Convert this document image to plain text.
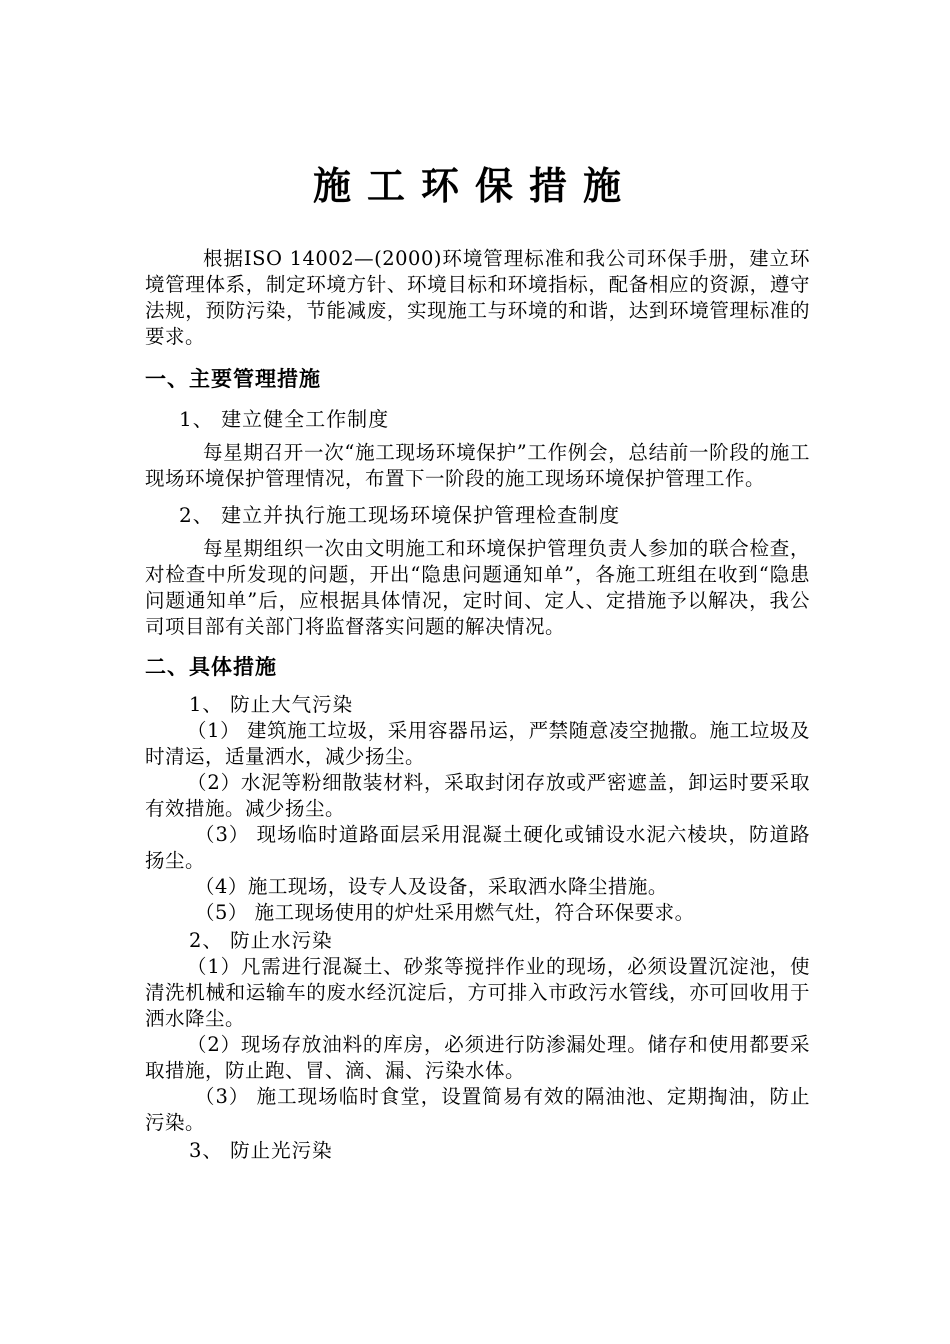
施工环保措施

根据ISO 14002—(2000)环境管理标准和我公司环保手册，建立环境管理体系，制定环境方针、环境目标和环境指标，配备相应的资源，遵守法规，预防污染，节能减废，实现施工与环境的和谐，达到环境管理标准的要求。

一、主要管理措施
1、 建立健全工作制度

每星期召开一次“施工现场环境保护”工作例会，总结前一阶段的施工现场环境保护管理情况，布置下一阶段的施工现场环境保护管理工作。

2、 建立并执行施工现场环境保护管理检查制度

每星期组织一次由文明施工和环境保护管理负责人参加的联合检查，对检查中所发现的问题，开出“隐患问题通知单”，各施工班组在收到“隐患问题通知单”后，应根据具体情况，定时间、定人、定措施予以解决，我公司项目部有关部门将监督落实问题的解决情况。

二、具体措施
1、 防止大气污染

（1） 建筑施工垃圾，采用容器吊运，严禁随意凌空抛撒。施工垃圾及时清运，适量洒水，减少扬尘。

（2）水泥等粉细散装材料，采取封闭存放或严密遮盖，卸运时要采取有效措施。减少扬尘。

（3） 现场临时道路面层采用混凝土硬化或铺设水泥六棱块，防道路扬尘。

（4）施工现场，设专人及设备，采取洒水降尘措施。

（5） 施工现场使用的炉灶采用燃气灶，符合环保要求。

2、 防止水污染

（1）凡需进行混凝土、砂浆等搅拌作业的现场，必须设置沉淀池，使清洗机械和运输车的废水经沉淀后，方可排入市政污水管线，亦可回收用于洒水降尘。

（2）现场存放油料的库房，必须进行防渗漏处理。储存和使用都要采取措施，防止跑、冒、滴、漏、污染水体。

（3） 施工现场临时食堂，设置简易有效的隔油池、定期掏油，防止污染。

3、 防止光污染
